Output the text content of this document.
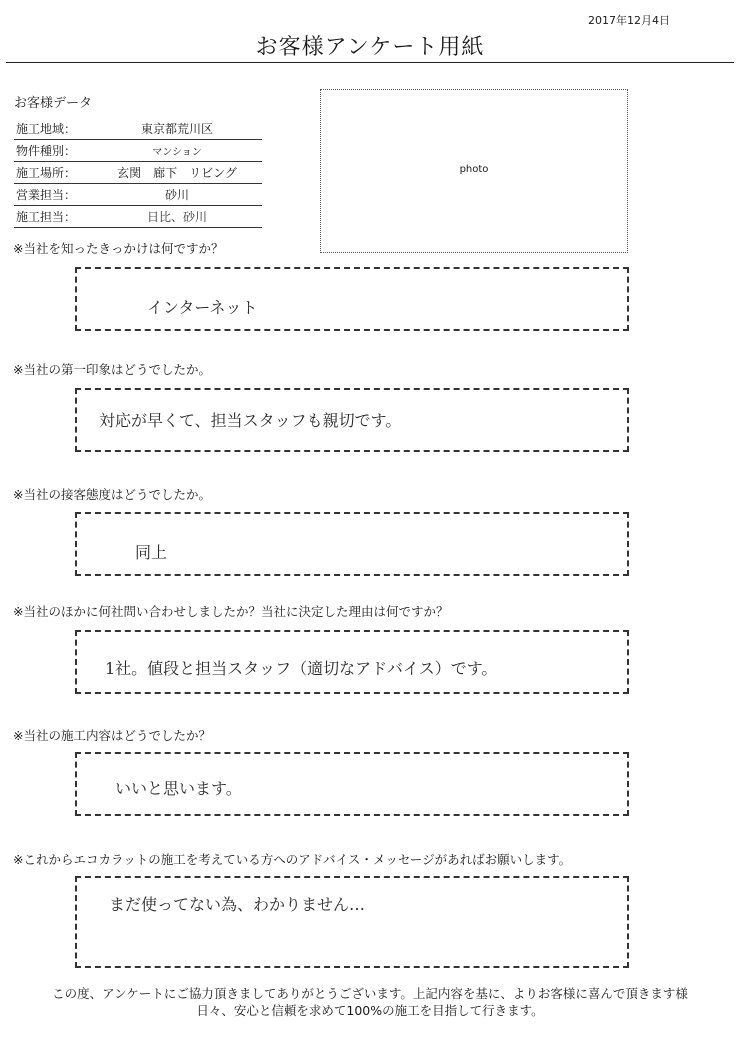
2017年12月4日
お客様アンケート用紙
お客様データ
施工地域：	東京都荒川区
物件種別：	マンション
施工場所：	玄関　廊下　リビング
営業担当：	砂川
施工担当：	日比、砂川
photo
※当社を知ったきっかけは何ですか？
インターネット
※当社の第一印象はどうでしたか。
対応が早くて、担当スタッフも親切です。
※当社の接客態度はどうでしたか。
同上
※当社のほかに何社問い合わせしましたか？当社に決定した理由は何ですか？
1社。値段と担当スタッフ（適切なアドバイス）です。
※当社の施工内容はどうでしたか？
いいと思います。
※これからエコカラットの施工を考えている方へのアドバイス・メッセージがあればお願いします。
まだ使ってない為、わかりません…
この度、アンケートにご協力頂きましてありがとうございます。上記内容を基に、よりお客様に喜んで頂きます様
日々、安心と信頼を求めて100%の施工を目指して行きます。
